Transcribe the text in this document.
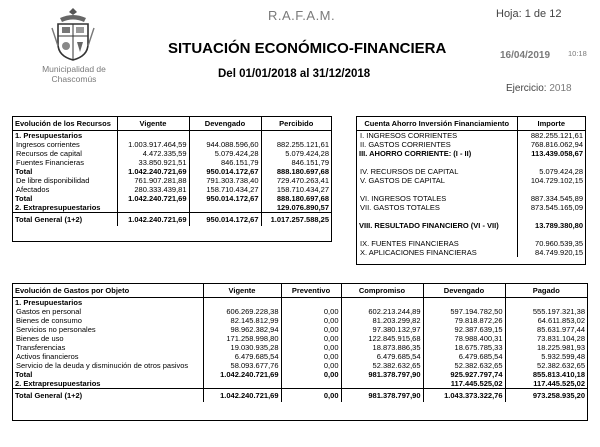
Municipalidad de
Chascomús
R.A.F.A.M.	Hoja: 1 de 12
SITUACIÓN ECONÓMICO-FINANCIERA	16/04/2019 10:18
Del 01/01/2018 al 31/12/2018
Ejercicio: 2018
Evolución de los Recursos	Vigente	Devengado	Percibido
1. Presupuestarios			
Ingresos corrientes	1.003.917.464,59	944.088.596,60	882.255.121,61
Recursos de capital	4.472.335,59	5.079.424,28	5.079.424,28
Fuentes Financieras	33.850.921,51	846.151,79	846.151,79
Total	1.042.240.721,69	950.014.172,67	888.180.697,68
De libre disponibilidad	761.907.281,88	791.303.738,40	729.470.263,41
Afectados	280.333.439,81	158.710.434,27	158.710.434,27
Total	1.042.240.721,69	950.014.172,67	888.180.697,68
2. Extrapresupuestarios			129.076.890,57
Total General (1+2)	1.042.240.721,69	950.014.172,67	1.017.257.588,25
Cuenta Ahorro Inversión Financiamiento	Importe
I. INGRESOS CORRIENTES	882.255.121,61
II. GASTOS CORRIENTES	768.816.062,94
III. AHORRO CORRIENTE: (I - II)	113.439.058,67

IV. RECURSOS DE CAPITAL	5.079.424,28
V. GASTOS DE CAPITAL	104.729.102,15

VI. INGRESOS TOTALES	887.334.545,89
VII. GASTOS TOTALES	873.545.165,09

VIII. RESULTADO FINANCIERO (VI - VII)	13.789.380,80

IX. FUENTES FINANCIERAS	70.960.539,35
X. APLICACIONES FINANCIERAS	84.749.920,15
Evolución de Gastos por Objeto	Vigente	Preventivo	Compromiso	Devengado	Pagado
1. Presupuestarios					
Gastos en personal	606.269.228,38	0,00	602.213.244,89	597.194.782,50	555.197.321,38
Bienes de consumo	82.145.812,99	0,00	81.203.299,82	79.818.872,26	64.611.853,02
Servicios no personales	98.962.382,94	0,00	97.380.132,97	92.387.639,15	85.631.977,44
Bienes de uso	171.258.998,80	0,00	122.845.915,68	78.988.400,31	73.831.104,28
Transferencias	19.030.935,28	0,00	18.873.886,35	18.675.785,33	18.225.981,93
Activos financieros	6.479.685,54	0,00	6.479.685,54	6.479.685,54	5.932.599,48
Servicio de la deuda y disminución de otros pasivos	58.093.677,76	0,00	52.382.632,65	52.382.632,65	52.382.632,65
Total	1.042.240.721,69	0,00	981.378.797,90	925.927.797,74	855.813.410,18
2. Extrapresupuestarios				117.445.525,02	117.445.525,02
Total General (1+2)	1.042.240.721,69	0,00	981.378.797,90	1.043.373.322,76	973.258.935,20
